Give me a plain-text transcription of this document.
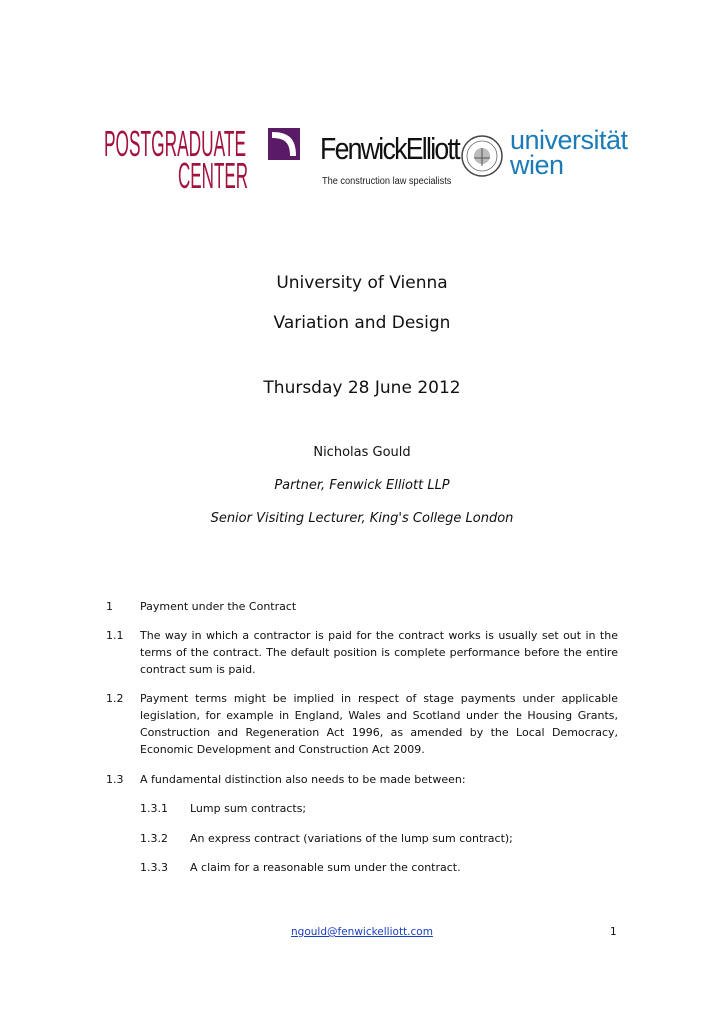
POSTGRADUATE
CENTER
FenwickElliott
The construction law specialists
universität
wien
University of Vienna
Variation and Design
Thursday 28 June 2012
Nicholas Gould
Partner, Fenwick Elliott LLP
Senior Visiting Lecturer, King's College London
1 Payment under the Contract
1.1 The way in which a contractor is paid for the contract works is usually set out in the terms of the contract. The default position is complete performance before the entire contract sum is paid.
1.2 Payment terms might be implied in respect of stage payments under applicable legislation, for example in England, Wales and Scotland under the Housing Grants, Construction and Regeneration Act 1996, as amended by the Local Democracy, Economic Development and Construction Act 2009.
1.3 A fundamental distinction also needs to be made between:
1.3.1 Lump sum contracts;
1.3.2 An express contract (variations of the lump sum contract);
1.3.3 A claim for a reasonable sum under the contract.
ngould@fenwickelliott.com	1
